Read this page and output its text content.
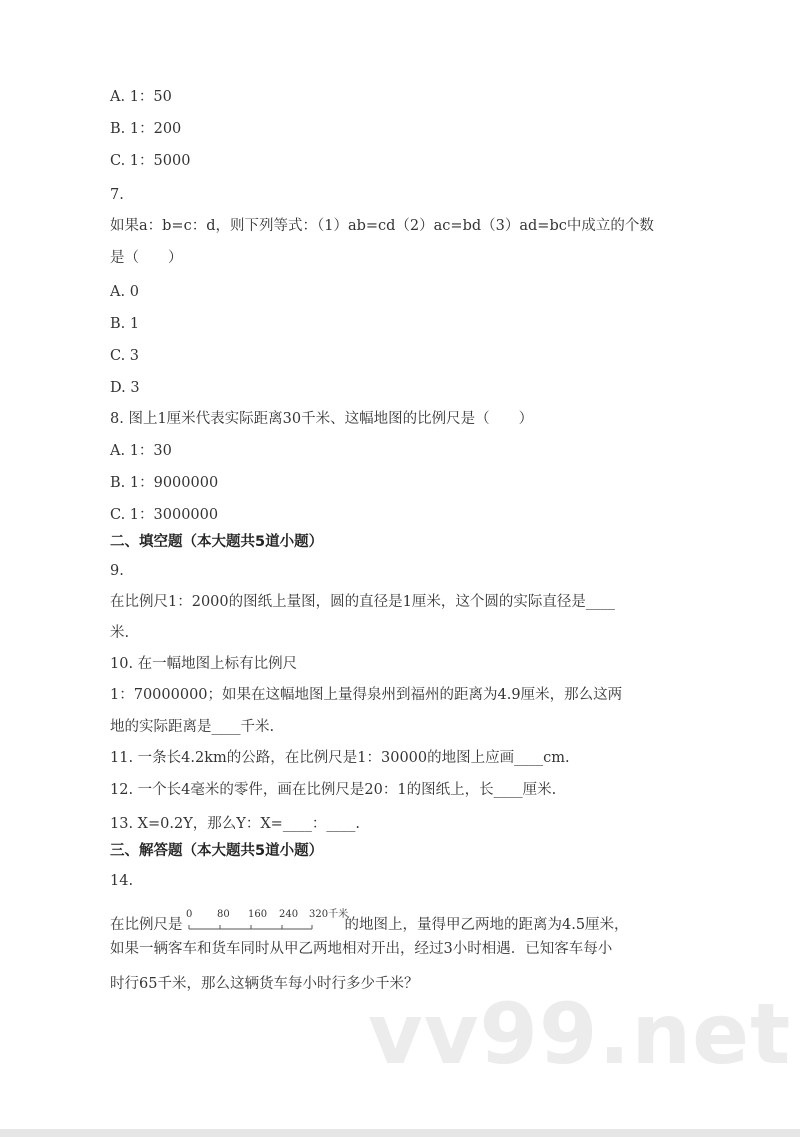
A. 1：50
B. 1：200
C. 1：5000
7.
如果a：b=c：d，则下列等式：（1）ab=cd（2）ac=bd（3）ad=bc中成立的个数
是（　　）
A. 0
B. 1
C. 3
D. 3
8. 图上1厘米代表实际距离30千米、这幅地图的比例尺是（　　）
A. 1：30
B. 1：9000000
C. 1：3000000
二、填空题（本大题共5道小题）
9.
在比例尺1：2000的图纸上量图，圆的直径是1厘米，这个圆的实际直径是____
米.
10. 在一幅地图上标有比例尺
1：70000000；如果在这幅地图上量得泉州到福州的距离为4.9厘米，那么这两
地的实际距离是____千米.
11. 一条长4.2km的公路，在比例尺是1：30000的地图上应画____cm.
12. 一个长4毫米的零件，画在比例尺是20：1的图纸上，长____厘米.
13. X=0.2Y，那么Y：X=____：____.
三、解答题（本大题共5道小题）
14.
在比例尺是
0 80 160 240 320千米
的地图上，量得甲乙两地的距离为4.5厘米，
如果一辆客车和货车同时从甲乙两地相对开出，经过3小时相遇．已知客车每小
时行65千米，那么这辆货车每小时行多少千米？
vv99.net
